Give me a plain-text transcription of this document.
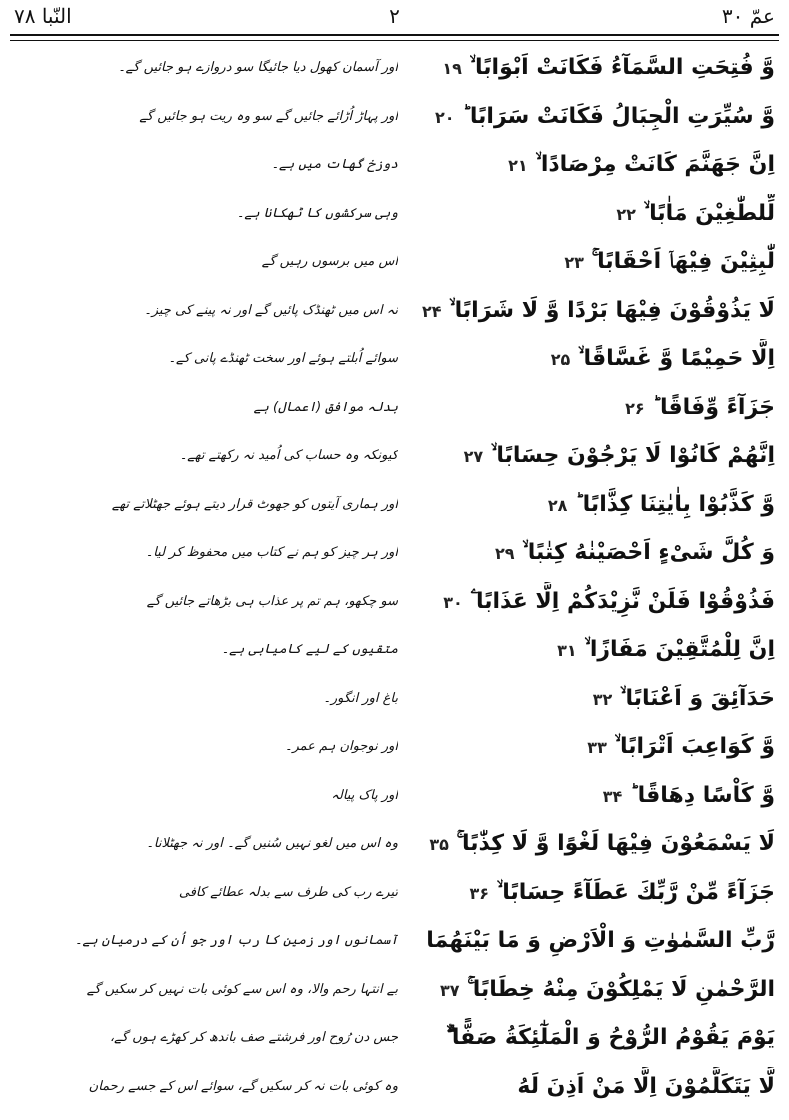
عمّ ۳۰
۲
النّبا ۷۸
اور آسمان کھول دیا جائیگا سو دروازے ہو جائیں گے۔	وَّ فُتِحَتِ السَّمَآءُ فَكَانَتْ اَبْوَابًا ۙ ۱۹
اور پہاڑ اُڑائے جائیں گے سو وہ ریت ہو جائیں گے	وَّ سُيِّرَتِ الْجِبَالُ فَكَانَتْ سَرَابًا ؕ ۲۰
دوزخ گھات میں ہے۔	اِنَّ جَهَنَّمَ كَانَتْ مِرْصَادًا ۙ ۲۱
وہی سرکشوں کا ٹھکانا ہے۔	لِّلطّٰغِیْنَ مَاٰبًا ۙ ۲۲
اس میں برسوں رہیں گے	لّٰبِثِیْنَ فِیْهَاۤ اَحْقَابًا ۚ ۲۳
نہ اس میں ٹھنڈک پائیں گے اور نہ پینے کی چیز۔	لَا یَذُوْقُوْنَ فِیْهَا بَرْدًا وَّ لَا شَرَابًا ۙ ۲۴
سوائے اُبلتے ہوئے اور سخت ٹھنڈے پانی کے۔	اِلَّا حَمِیْمًا وَّ غَسَّاقًا ۙ ۲۵
بدلہ موافق (اعمال) ہے	جَزَآءً وِّفَاقًا ؕ ۲۶
کیونکہ وہ حساب کی اُمید نہ رکھتے تھے۔	اِنَّهُمْ كَانُوْا لَا یَرْجُوْنَ حِسَابًا ۙ ۲۷
اور ہماری آیتوں کو جھوٹ قرار دیتے ہوئے جھٹلاتے تھے	وَّ كَذَّبُوْا بِاٰیٰتِنَا كِذَّابًا ؕ ۲۸
اور ہر چیز کو ہم نے کتاب میں محفوظ کر لیا۔	وَ كُلَّ شَیْءٍ اَحْصَیْنٰهُ كِتٰبًا ۙ ۲۹
سو چکھو، ہم تم پر عذاب ہی بڑھاتے جائیں گے	فَذُوْقُوْا فَلَنْ نَّزِیْدَكُمْ اِلَّا عَذَابًا ۧ ۳۰
متقیوں کے لیے کامیابی ہے۔	اِنَّ لِلْمُتَّقِیْنَ مَفَازًا ۙ ۳۱
باغ اور انگور۔	حَدَآئِقَ وَ اَعْنَابًا ۙ ۳۲
اور نوجوان ہم عمر۔	وَّ كَوَاعِبَ اَتْرَابًا ۙ ۳۳
اور پاک پیالہ	وَّ كَاْسًا دِهَاقًا ؕ ۳۴
وہ اس میں لغو نہیں سُنیں گے۔ اور نہ جھٹلانا۔	لَا یَسْمَعُوْنَ فِیْهَا لَغْوًا وَّ لَا كِذّٰبًا ۚ ۳۵
تیرے رب کی طرف سے بدلہ عطائے کافی	جَزَآءً مِّنْ رَّبِّكَ عَطَآءً حِسَابًا ۙ ۳۶
آسمانوں اور زمین کا رب اور جو اُن کے درمیان ہے۔	رَّبِّ السَّمٰوٰتِ وَ الْاَرْضِ وَ مَا بَیْنَهُمَا
بے انتہا رحم والا، وہ اس سے کوئی بات نہیں کر سکیں گے	الرَّحْمٰنِ لَا یَمْلِكُوْنَ مِنْهُ خِطَابًا ۚ ۳۷
جس دن رُوح اور فرشتے صف باندھ کر کھڑے ہوں گے،	یَوْمَ یَقُوْمُ الرُّوْحُ وَ الْمَلٰٓئِكَةُ صَفًّا ۙۗ
وہ کوئی بات نہ کر سکیں گے، سوائے اس کے جسے رحمان	لَّا یَتَكَلَّمُوْنَ اِلَّا مَنْ اَذِنَ لَهُ
